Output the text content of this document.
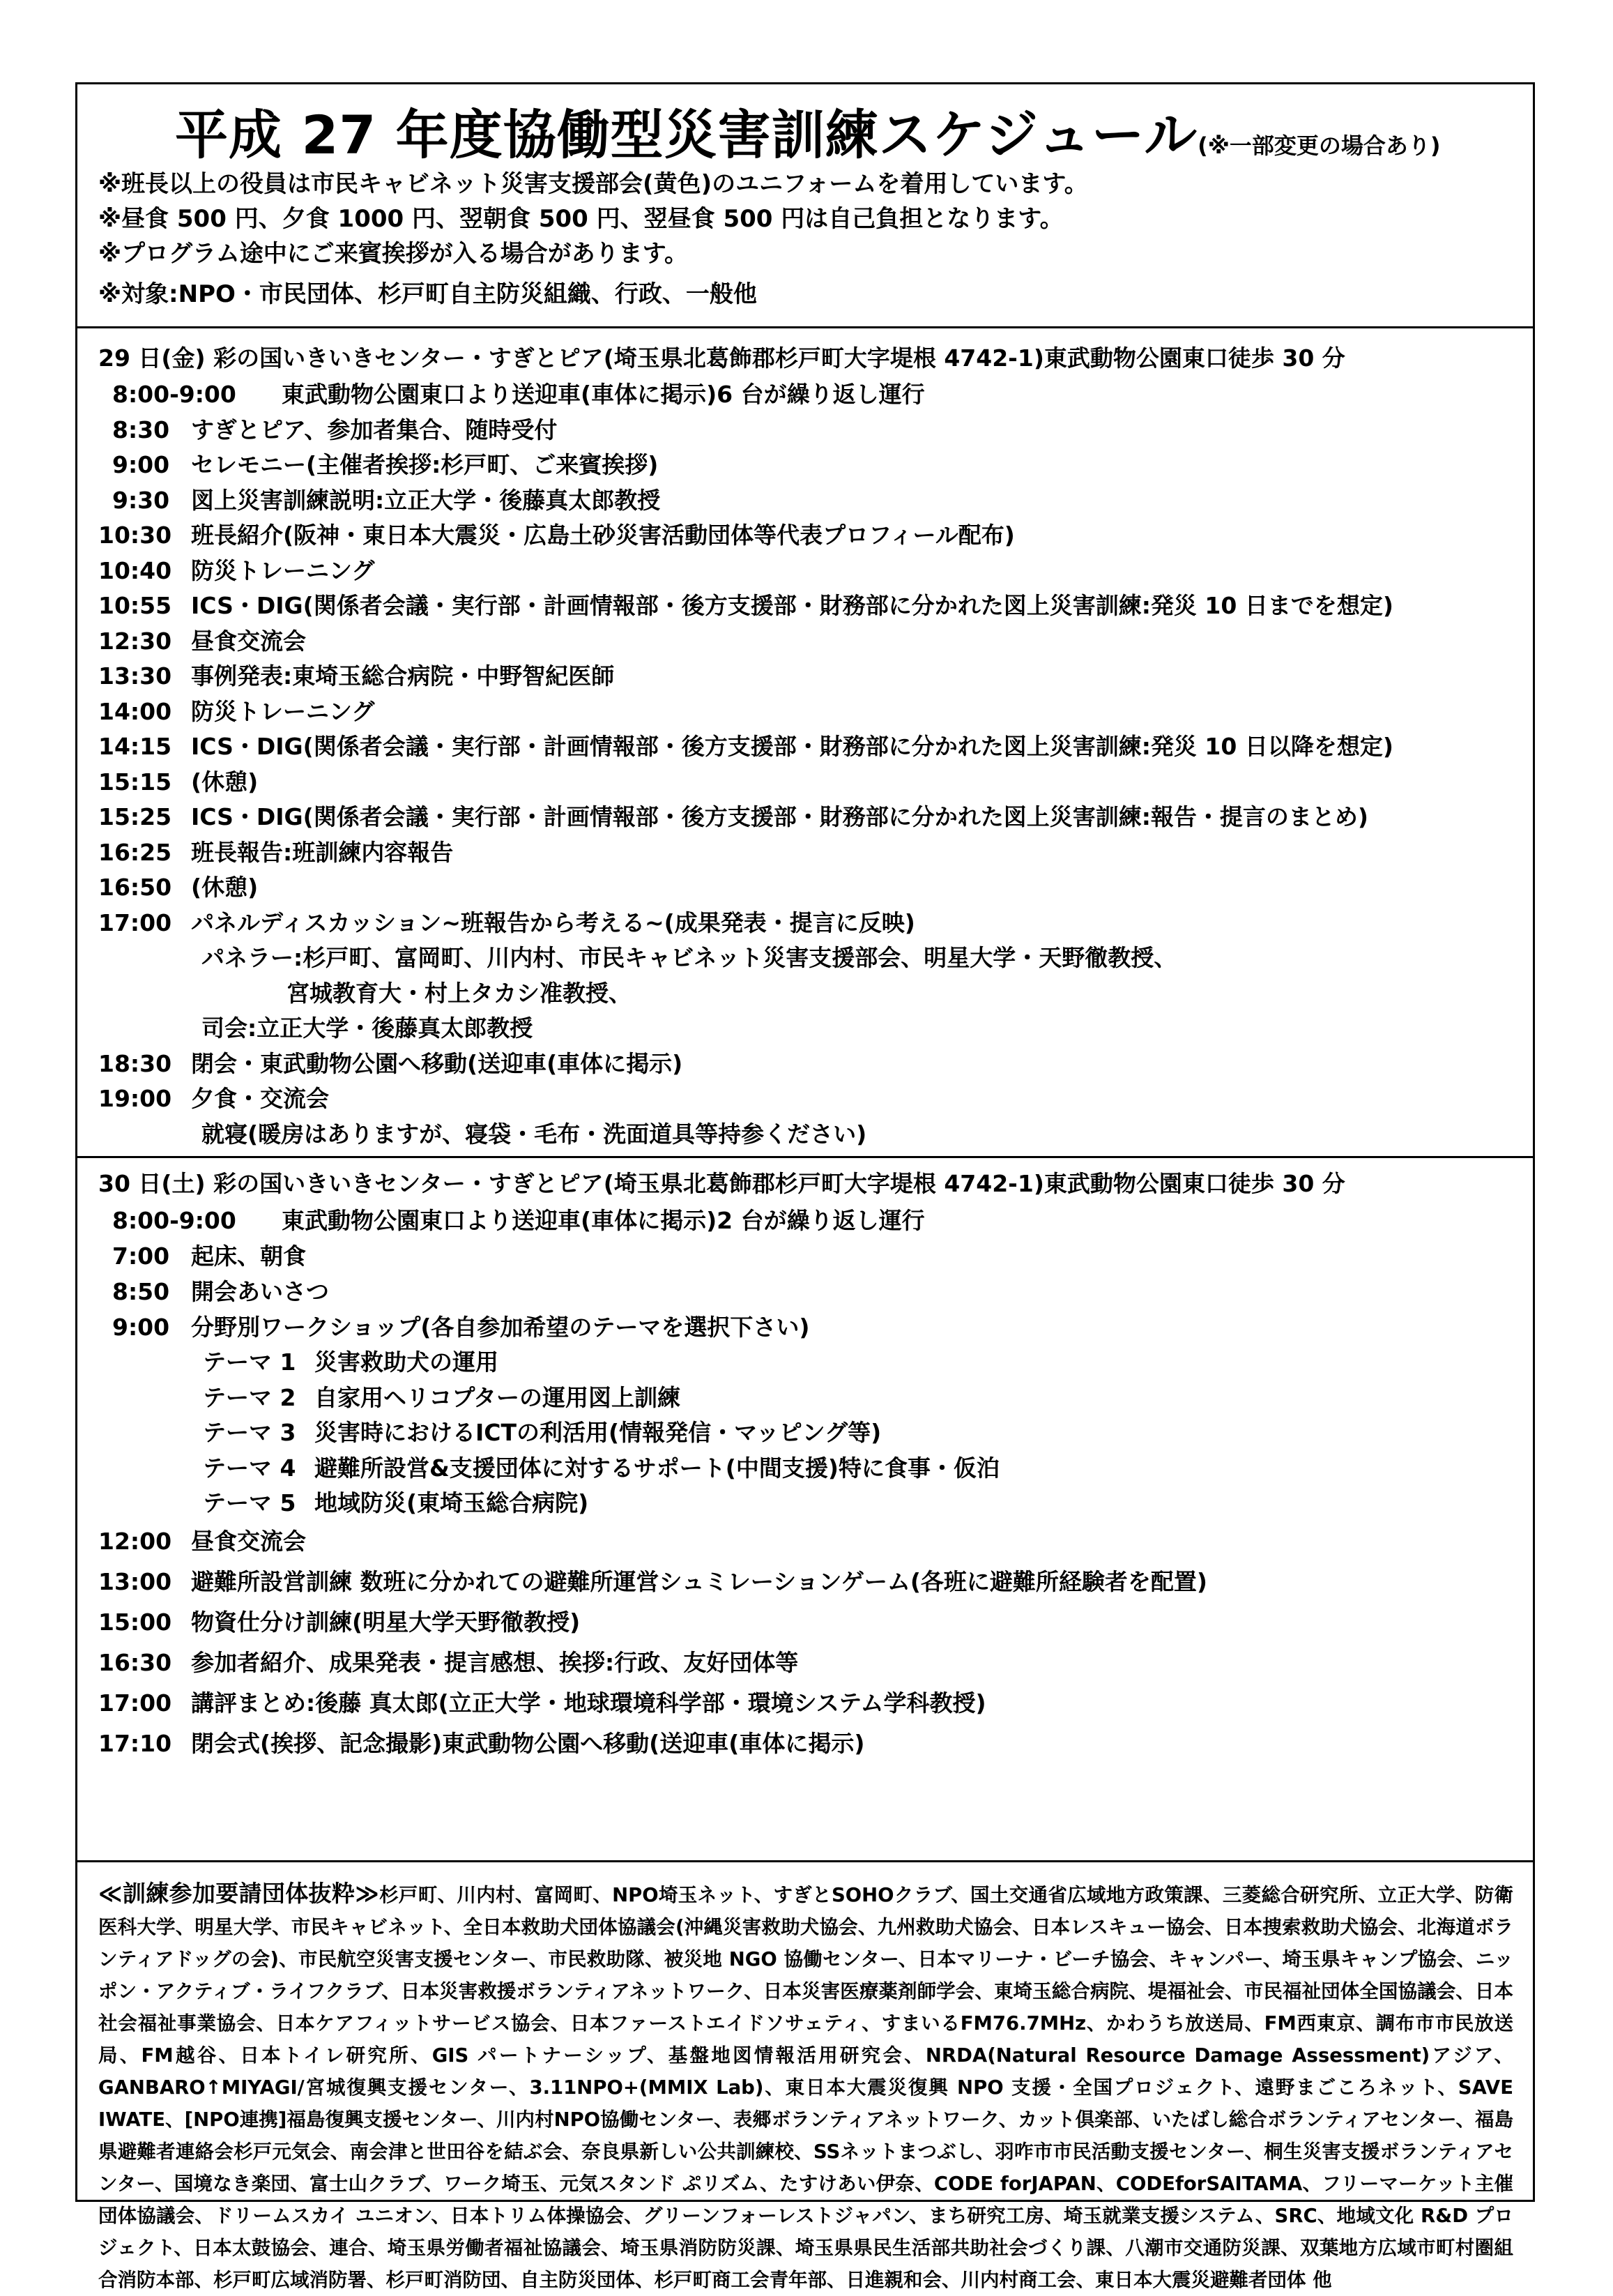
平成 27 年度協働型災害訓練スケジュール(※一部変更の場合あり)
※班長以上の役員は市民キャビネット災害支援部会(黄色)のユニフォームを着用しています。
※昼食 500 円、夕食 1000 円、翌朝食 500 円、翌昼食 500 円は自己負担となります。
※プログラム途中にご来賓挨拶が入る場合があります。
※対象:NPO・市民団体、杉戸町自主防災組織、行政、一般他
29 日(金) 彩の国いきいきセンター・すぎとピア(埼玉県北葛飾郡杉戸町大字堤根 4742-1)東武動物公園東口徒歩 30 分
8:00-9:00	東武動物公園東口より送迎車(車体に掲示)6 台が繰り返し運行
8:30 すぎとピア、参加者集合、随時受付
9:00 セレモニー(主催者挨拶:杉戸町、ご来賓挨拶)
9:30 図上災害訓練説明:立正大学・後藤真太郎教授
10:30 班長紹介(阪神・東日本大震災・広島土砂災害活動団体等代表プロフィール配布)
10:40 防災トレーニング
10:55 ICS・DIG(関係者会議・実行部・計画情報部・後方支援部・財務部に分かれた図上災害訓練:発災 10 日までを想定)
12:30 昼食交流会
13:30 事例発表:東埼玉総合病院・中野智紀医師
14:00 防災トレーニング
14:15 ICS・DIG(関係者会議・実行部・計画情報部・後方支援部・財務部に分かれた図上災害訓練:発災 10 日以降を想定)
15:15 (休憩)
15:25 ICS・DIG(関係者会議・実行部・計画情報部・後方支援部・財務部に分かれた図上災害訓練:報告・提言のまとめ)
16:25 班長報告:班訓練内容報告
16:50 (休憩)
17:00 パネルディスカッション~班報告から考える~(成果発表・提言に反映)
パネラー:杉戸町、富岡町、川内村、市民キャビネット災害支援部会、明星大学・天野徹教授、
宮城教育大・村上タカシ准教授、
司会:立正大学・後藤真太郎教授
18:30 閉会・東武動物公園へ移動(送迎車(車体に掲示)
19:00 夕食・交流会
就寝(暖房はありますが、寝袋・毛布・洗面道具等持参ください)
30 日(土) 彩の国いきいきセンター・すぎとピア(埼玉県北葛飾郡杉戸町大字堤根 4742-1)東武動物公園東口徒歩 30 分
8:00-9:00	東武動物公園東口より送迎車(車体に掲示)2 台が繰り返し運行
7:00 起床、朝食
8:50 開会あいさつ
9:00 分野別ワークショップ(各自参加希望のテーマを選択下さい)
テーマ 1 災害救助犬の運用
テーマ 2 自家用ヘリコプターの運用図上訓練
テーマ 3 災害時におけるICTの利活用(情報発信・マッピング等)
テーマ 4 避難所設営&支援団体に対するサポート(中間支援)特に食事・仮泊
テーマ 5 地域防災(東埼玉総合病院)
12:00 昼食交流会
13:00 避難所設営訓練 数班に分かれての避難所運営シュミレーションゲーム(各班に避難所経験者を配置)
15:00 物資仕分け訓練(明星大学天野徹教授)
16:30 参加者紹介、成果発表・提言感想、挨拶:行政、友好団体等
17:00 講評まとめ:後藤 真太郎(立正大学・地球環境科学部・環境システム学科教授)
17:10 閉会式(挨拶、記念撮影)東武動物公園へ移動(送迎車(車体に掲示)
≪訓練参加要請団体抜粋≫杉戸町、川内村、富岡町、NPO埼玉ネット、すぎとSOHOクラブ、国土交通省広域地方政策課、三菱総合研究所、立正大学、防衛医科大学、明星大学、市民キャビネット、全日本救助犬団体協議会(沖縄災害救助犬協会、九州救助犬協会、日本レスキュー協会、日本捜索救助犬協会、北海道ボランティアドッグの会)、市民航空災害支援センター、市民救助隊、被災地 NGO 協働センター、日本マリーナ・ビーチ協会、キャンパー、埼玉県キャンプ協会、ニッポン・アクティブ・ライフクラブ、日本災害救援ボランティアネットワーク、日本災害医療薬剤師学会、東埼玉総合病院、堤福祉会、市民福祉団体全国協議会、日本社会福祉事業協会、日本ケアフィットサービス協会、日本ファーストエイドソサェティ、すまいるFM76.7MHz、かわうち放送局、FM西東京、調布市市民放送局、FM越谷、日本トイレ研究所、GIS パートナーシップ、基盤地図情報活用研究会、NRDA(Natural Resource Damage Assessment)アジア、GANBARO↑MIYAGI/宮城復興支援センター、3.11NPO+(MMIX Lab)、東日本大震災復興 NPO 支援・全国プロジェクト、遠野まごころネット、SAVE IWATE、[NPO連携]福島復興支援センター、川内村NPO協働センター、表郷ボランティアネットワーク、カット倶楽部、いたばし総合ボランティアセンター、福島県避難者連絡会杉戸元気会、南会津と世田谷を結ぶ会、奈良県新しい公共訓練校、SSネットまつぶし、羽咋市市民活動支援センター、桐生災害支援ボランティアセンター、国境なき楽団、富士山クラブ、ワーク埼玉、元気スタンド ぷリズム、たすけあい伊奈、CODE forJAPAN、CODEforSAITAMA、フリーマーケット主催団体協議会、ドリームスカイ ユニオン、日本トリム体操協会、グリーンフォーレストジャパン、まち研究工房、埼玉就業支援システム、SRC、地域文化 R&D プロジェクト、日本太鼓協会、連合、埼玉県労働者福祉協議会、埼玉県消防防災課、埼玉県県民生活部共助社会づくり課、八潮市交通防災課、双葉地方広域市町村圏組合消防本部、杉戸町広域消防署、杉戸町消防団、自主防災団体、杉戸町商工会青年部、日進親和会、川内村商工会、東日本大震災避難者団体 他
